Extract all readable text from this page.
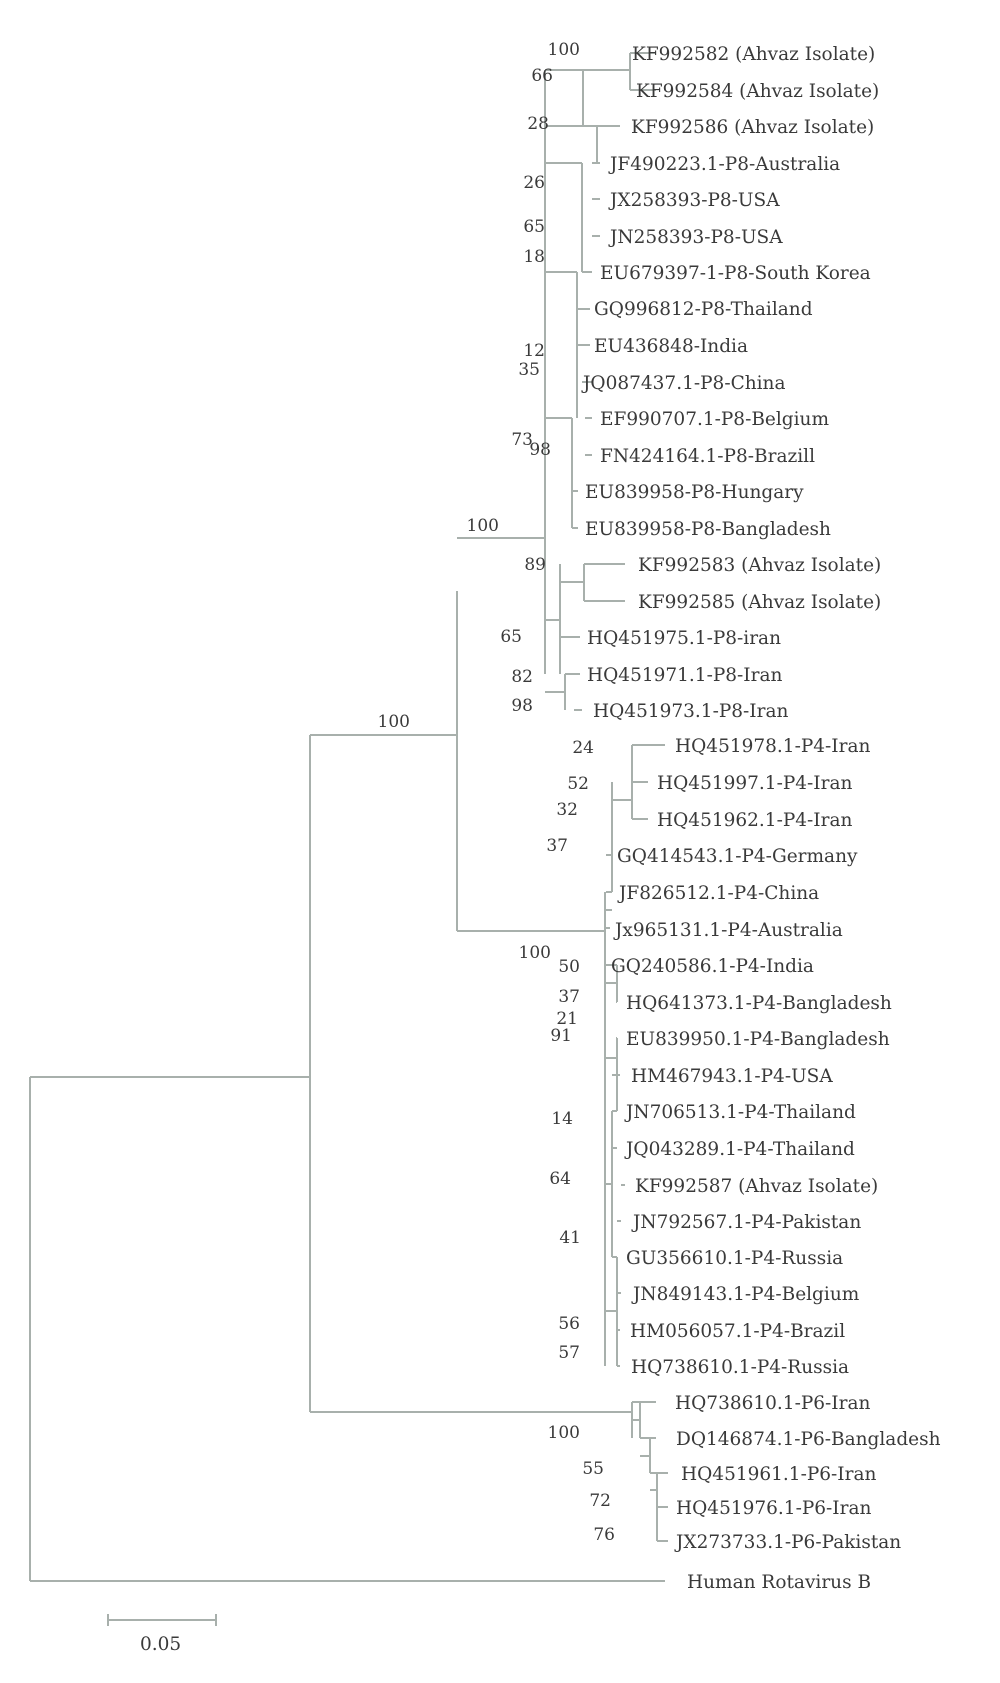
KF992582 (Ahvaz Isolate)
KF992584 (Ahvaz Isolate)
KF992586 (Ahvaz Isolate)
JF490223.1-P8-Australia
JX258393-P8-USA
JN258393-P8-USA
EU679397-1-P8-South Korea
GQ996812-P8-Thailand
EU436848-India
JQ087437.1-P8-China
EF990707.1-P8-Belgium
FN424164.1-P8-Brazill
EU839958-P8-Hungary
EU839958-P8-Bangladesh
KF992583 (Ahvaz Isolate)
KF992585 (Ahvaz Isolate)
HQ451975.1-P8-iran
HQ451971.1-P8-Iran
HQ451973.1-P8-Iran
HQ451978.1-P4-Iran
HQ451997.1-P4-Iran
HQ451962.1-P4-Iran
GQ414543.1-P4-Germany
JF826512.1-P4-China
Jx965131.1-P4-Australia
GQ240586.1-P4-India
HQ641373.1-P4-Bangladesh
EU839950.1-P4-Bangladesh
HM467943.1-P4-USA
JN706513.1-P4-Thailand
JQ043289.1-P4-Thailand
KF992587 (Ahvaz Isolate)
JN792567.1-P4-Pakistan
GU356610.1-P4-Russia
JN849143.1-P4-Belgium
HM056057.1-P4-Brazil
HQ738610.1-P4-Russia
HQ738610.1-P6-Iran
DQ146874.1-P6-Bangladesh
HQ451961.1-P6-Iran
HQ451976.1-P6-Iran
JX273733.1-P6-Pakistan
Human Rotavirus B
100
66
28
26
65
18
12
35
73
98
100
89
65
82
98
100
24
52
32
37
100
50
37
21
91
14
64
41
56
57
100
55
72
76
0.05
